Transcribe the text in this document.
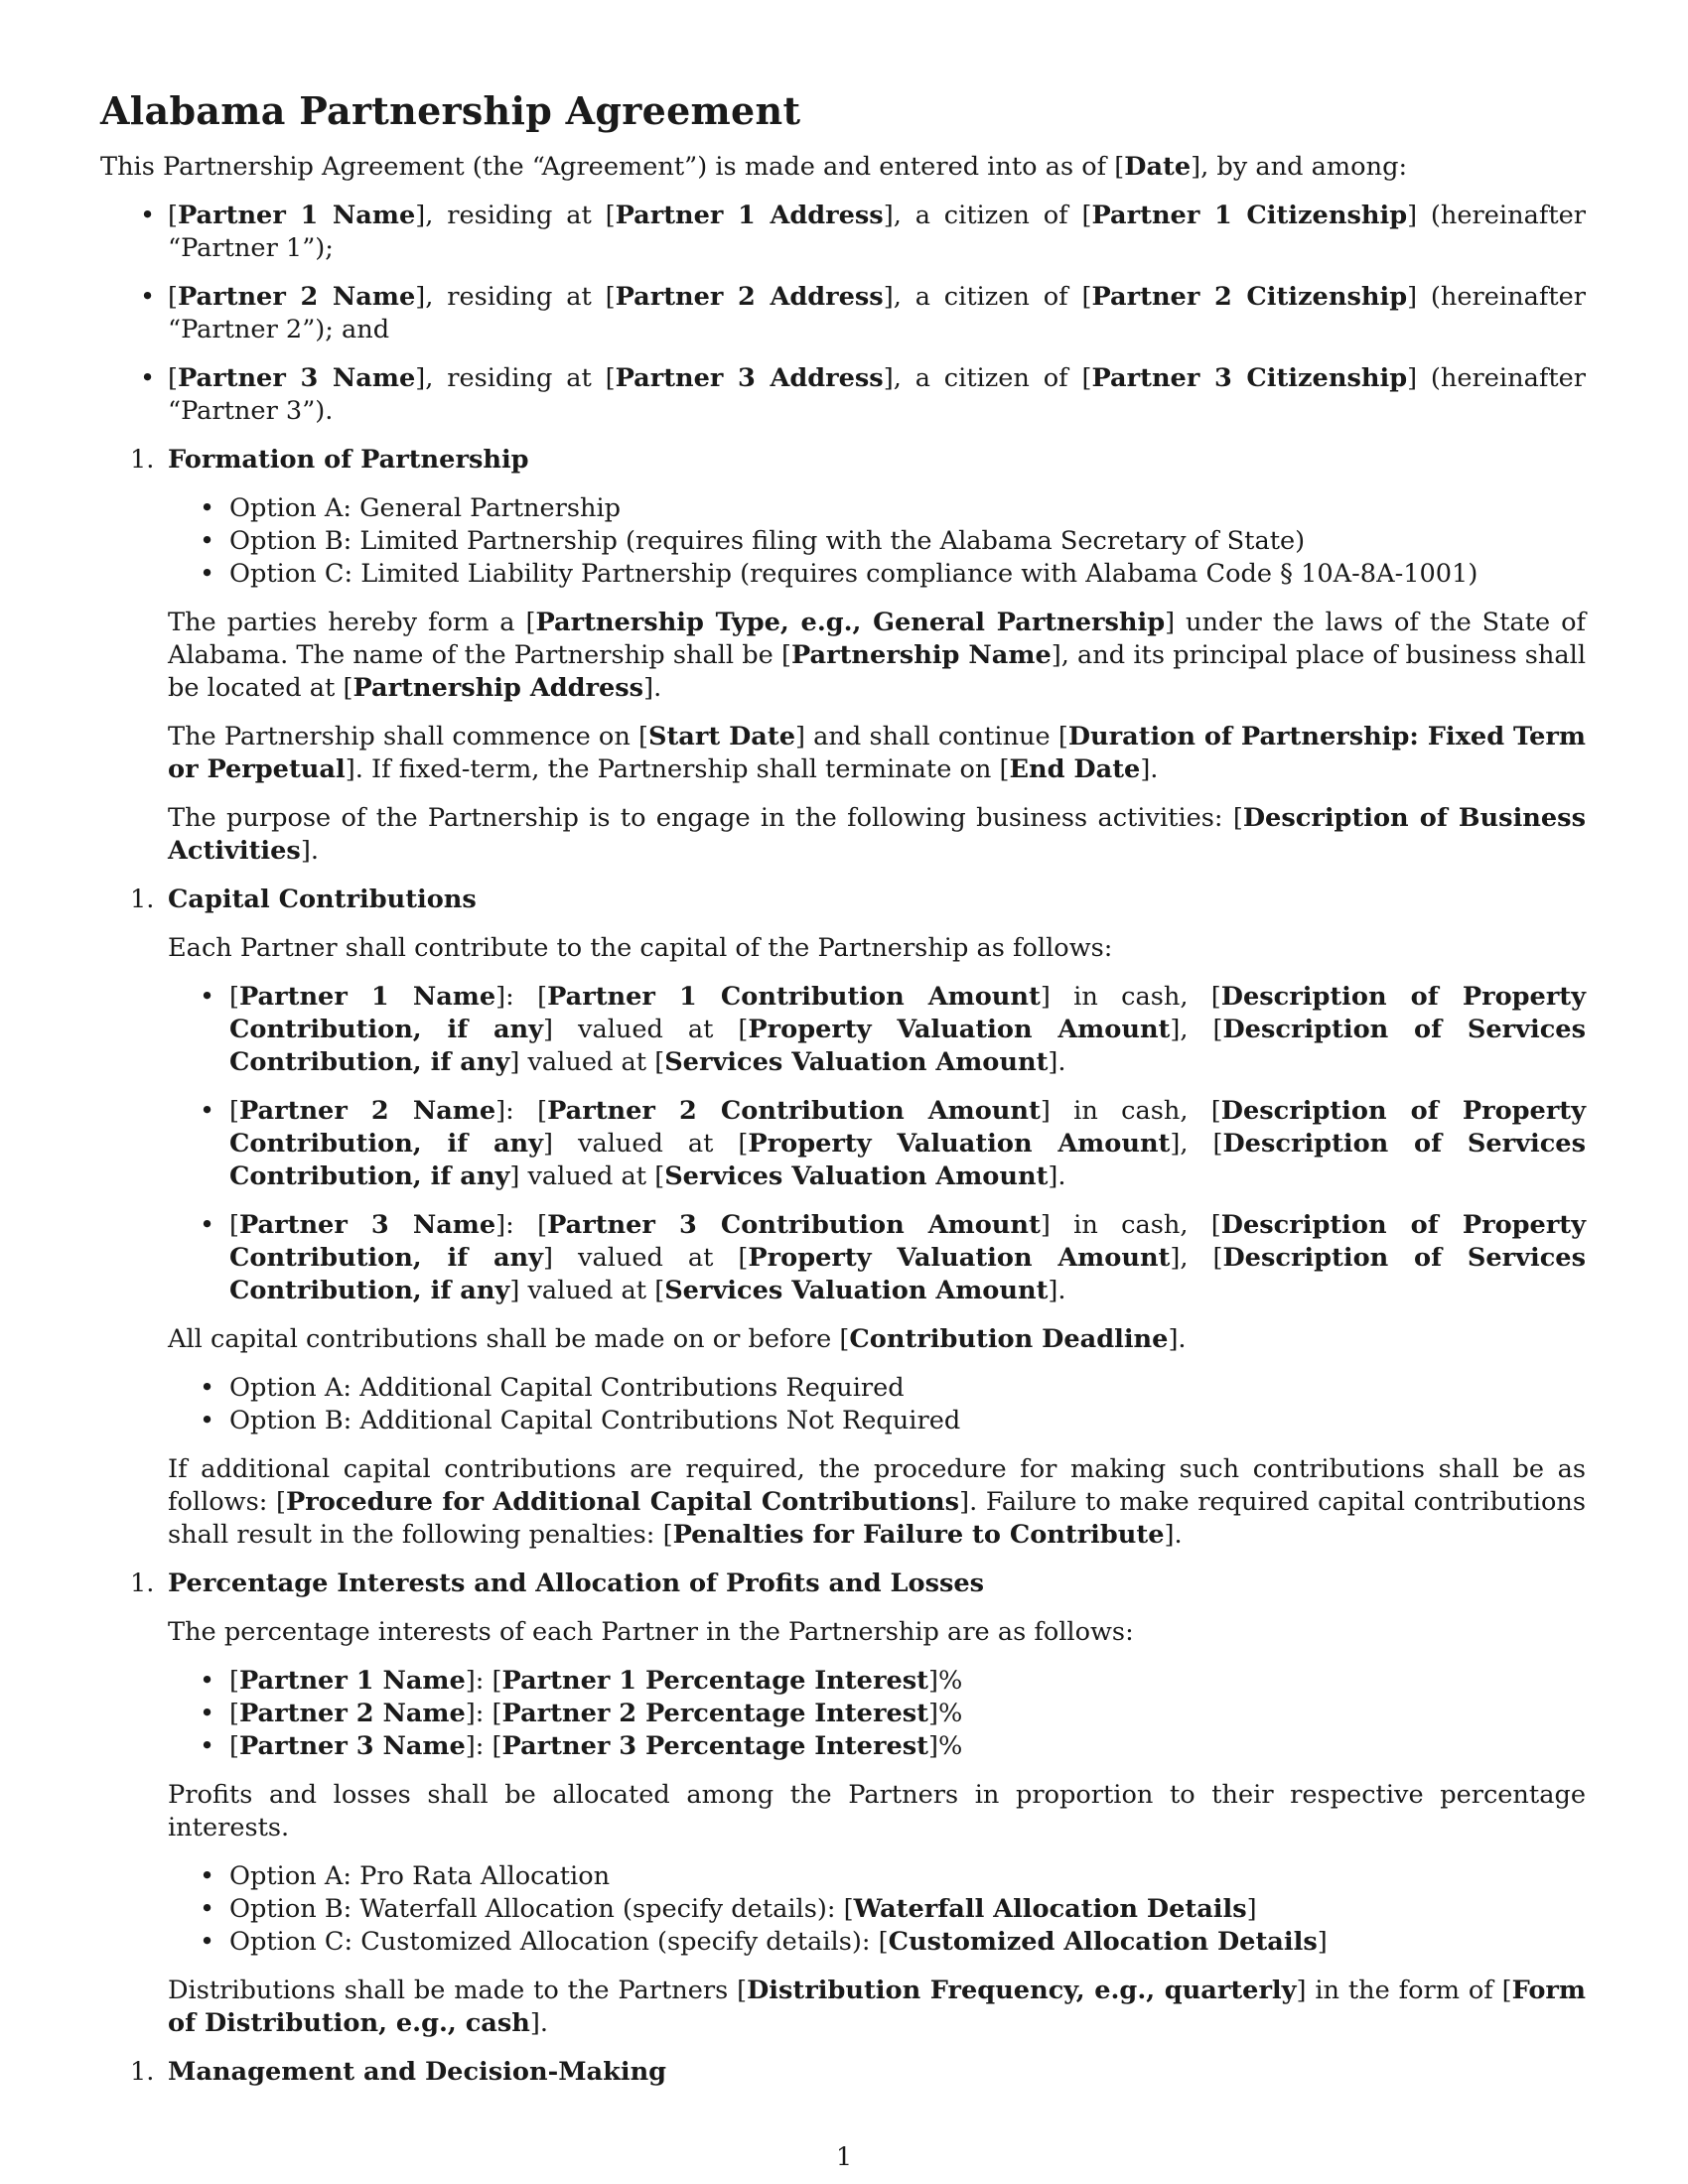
Alabama Partnership Agreement

This Partnership Agreement (the “Agreement”) is made and entered into as of [Date], by and among:

• [Partner 1 Name], residing at [Partner 1 Address], a citizen of [Partner 1 Citizenship] (hereinafter “Partner 1”);
• [Partner 2 Name], residing at [Partner 2 Address], a citizen of [Partner 2 Citizenship] (hereinafter “Partner 2”); and
• [Partner 3 Name], residing at [Partner 3 Address], a citizen of [Partner 3 Citizenship] (hereinafter “Partner 3”).
1. Formation of Partnership
• Option A: General Partnership
• Option B: Limited Partnership (requires filing with the Alabama Secretary of State)
• Option C: Limited Liability Partnership (requires compliance with Alabama Code § 10A-8A-1001)

The parties hereby form a [Partnership Type, e.g., General Partnership] under the laws of the State of Alabama. The name of the Partnership shall be [Partnership Name], and its principal place of business shall be located at [Partnership Address].

The Partnership shall commence on [Start Date] and shall continue [Duration of Partnership: Fixed Term or Perpetual]. If fixed-term, the Partnership shall terminate on [End Date].

The purpose of the Partnership is to engage in the following business activities: [Description of Business Activities].

1. Capital Contributions

Each Partner shall contribute to the capital of the Partnership as follows:

• [Partner 1 Name]: [Partner 1 Contribution Amount] in cash, [Description of Property Contribution, if any] valued at [Property Valuation Amount], [Description of Services Contribution, if any] valued at [Services Valuation Amount].
• [Partner 2 Name]: [Partner 2 Contribution Amount] in cash, [Description of Property Contribution, if any] valued at [Property Valuation Amount], [Description of Services Contribution, if any] valued at [Services Valuation Amount].
• [Partner 3 Name]: [Partner 3 Contribution Amount] in cash, [Description of Property Contribution, if any] valued at [Property Valuation Amount], [Description of Services Contribution, if any] valued at [Services Valuation Amount].

All capital contributions shall be made on or before [Contribution Deadline].

• Option A: Additional Capital Contributions Required
• Option B: Additional Capital Contributions Not Required

If additional capital contributions are required, the procedure for making such contributions shall be as follows: [Procedure for Additional Capital Contributions]. Failure to make required capital contributions shall result in the following penalties: [Penalties for Failure to Contribute].

1. Percentage Interests and Allocation of Profits and Losses

The percentage interests of each Partner in the Partnership are as follows:

• [Partner 1 Name]: [Partner 1 Percentage Interest]%
• [Partner 2 Name]: [Partner 2 Percentage Interest]%
• [Partner 3 Name]: [Partner 3 Percentage Interest]%

Profits and losses shall be allocated among the Partners in proportion to their respective percentage interests.

• Option A: Pro Rata Allocation
• Option B: Waterfall Allocation (specify details): [Waterfall Allocation Details]
• Option C: Customized Allocation (specify details): [Customized Allocation Details]

Distributions shall be made to the Partners [Distribution Frequency, e.g., quarterly] in the form of [Form of Distribution, e.g., cash].

1. Management and Decision-Making
1
